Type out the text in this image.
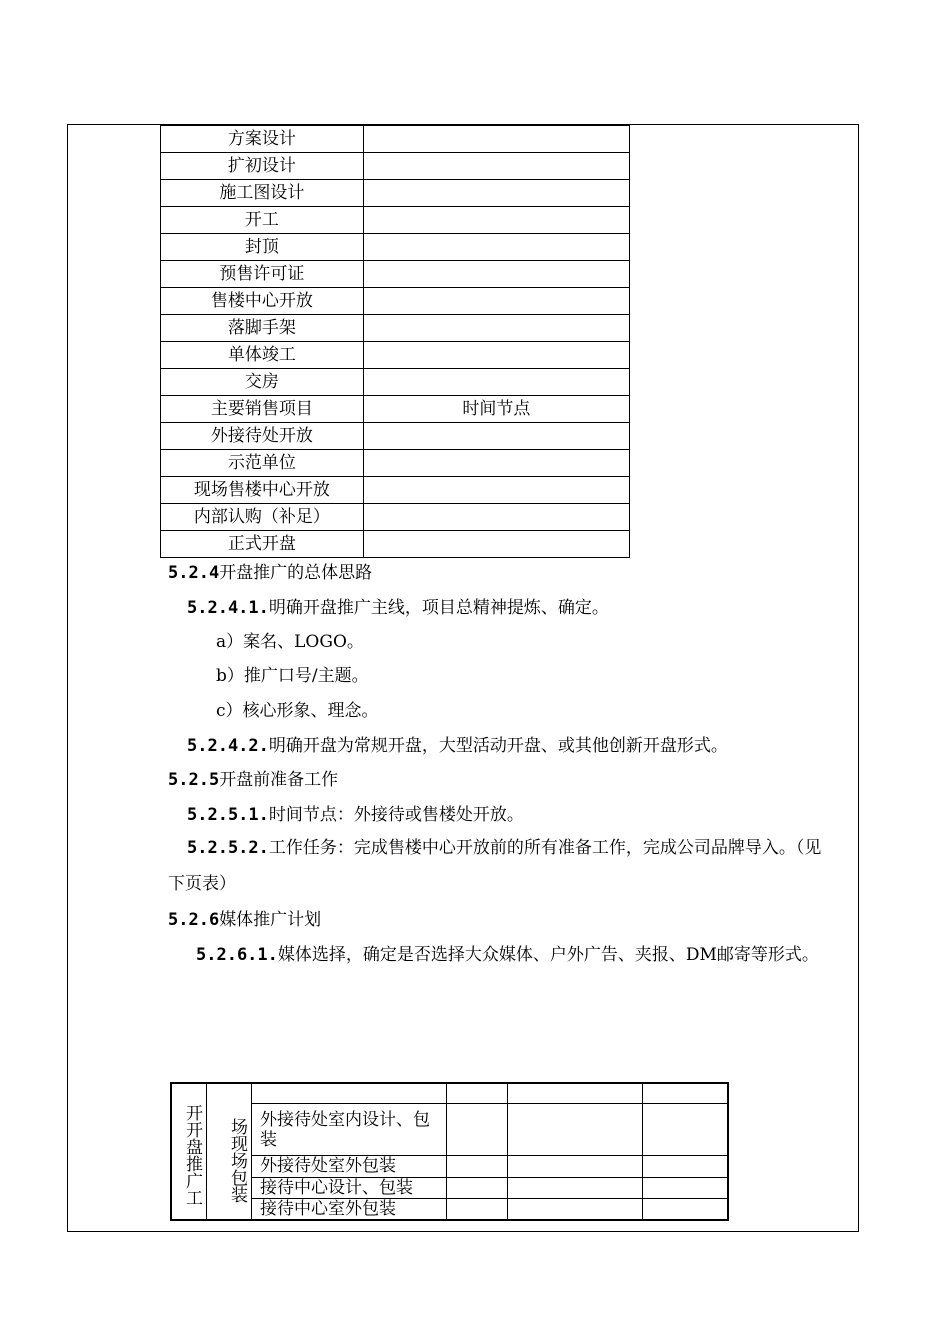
方案设计	
扩初设计	
施工图设计	
开工	
封顶	
预售许可证	
售楼中心开放	
落脚手架	
单体竣工	
交房	
主要销售项目	时间节点
外接待处开放	
示范单位	
现场售楼中心开放	
内部认购（补足）	
正式开盘	
5.2.4开盘推广的总体思路
5.2.4.1.明确开盘推广主线，项目总精神提炼、确定。
a）案名、LOGO。
b）推广口号/主题。
c）核心形象、理念。
5.2.4.2.明确开盘为常规开盘，大型活动开盘、或其他创新开盘形式。
5.2.5开盘前准备工作
5.2.5.1.时间节点：外接待或售楼处开放。
5.2.5.2.工作任务：完成售楼中心开放前的所有准备工作，完成公司品牌导入。（见下页表）
5.2.6媒体推广计划
5.2.6.1.媒体选择，确定是否选择大众媒体、户外广告、夹报、DM邮寄等形式。
开开盘推广工	场现场包装				
		外接待处室内设计、包装			
		外接待处室外包装			
		接待中心设计、包装			
		接待中心室外包装			
